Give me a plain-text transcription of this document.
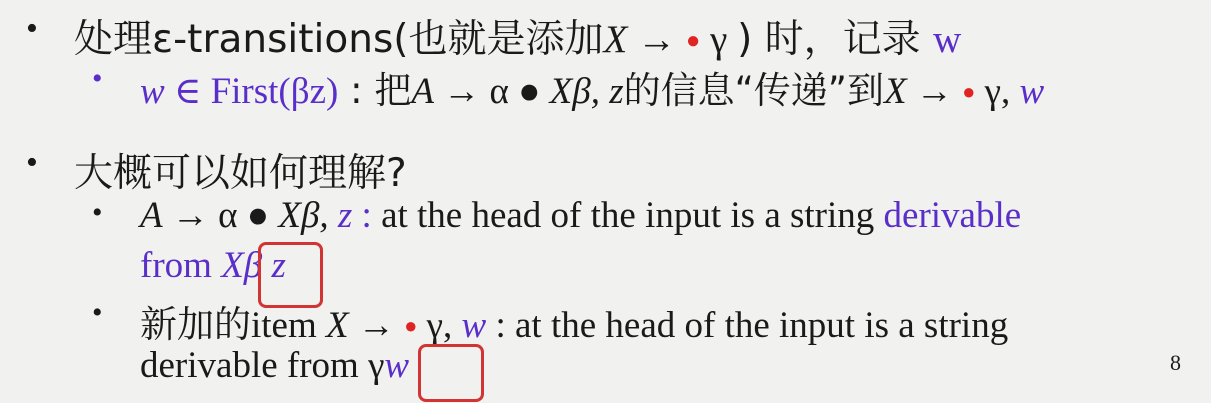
• 处理ε-transitions(也就是添加X → ● γ ) 时，记录 w
• w ∈ First(βz) : 把A → α ● Xβ, z的信息“传递”到X → ● γ, w
• 大概可以如何理解?
• A → α ● Xβ, z : at the head of the input is a string derivable
from Xβ z
• 新加的item X → ● γ, w : at the head of the input is a string
derivable from γw	8
